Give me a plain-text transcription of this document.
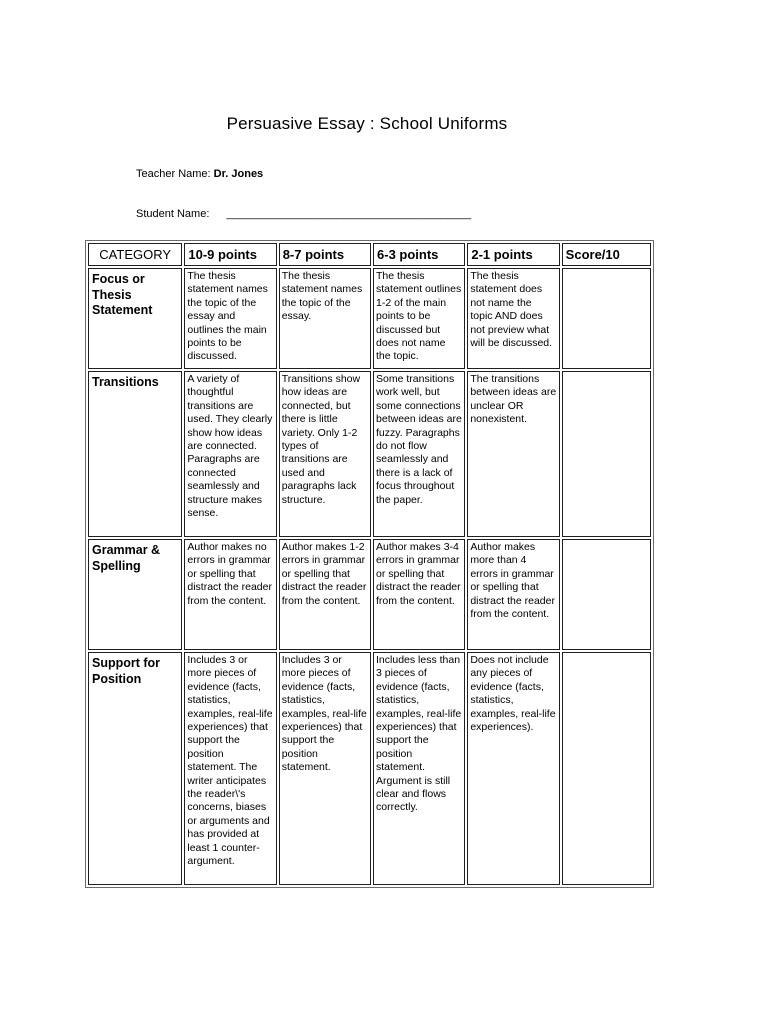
Persuasive Essay : School Uniforms
Teacher Name: Dr. Jones
Student Name: ________________________________________
CATEGORY	10-9 points	8-7 points	6-3 points	2-1 points	Score/10
Focus or Thesis Statement	The thesis statement names the topic of the essay and outlines the main points to be discussed.	The thesis statement names the topic of the essay.	The thesis statement outlines 1-2 of the main points to be discussed but does not name the topic.	The thesis statement does not name the topic AND does not preview what will be discussed.	
Transitions	A variety of thoughtful transitions are used. They clearly show how ideas are connected. Paragraphs are connected seamlessly and structure makes sense.	Transitions show how ideas are connected, but there is little variety. Only 1-2 types of transitions are used and paragraphs lack structure.	Some transitions work well, but some connections between ideas are fuzzy. Paragraphs do not flow seamlessly and there is a lack of focus throughout the paper.	The transitions between ideas are unclear OR nonexistent.	
Grammar & Spelling	Author makes no errors in grammar or spelling that distract the reader from the content.	Author makes 1-2 errors in grammar or spelling that distract the reader from the content.	Author makes 3-4 errors in grammar or spelling that distract the reader from the content.	Author makes more than 4 errors in grammar or spelling that distract the reader from the content.	
Support for Position	Includes 3 or more pieces of evidence (facts, statistics, examples, real-life experiences) that support the position statement. The writer anticipates the reader\'s concerns, biases or arguments and has provided at least 1 counter-argument.	Includes 3 or more pieces of evidence (facts, statistics, examples, real-life experiences) that support the position statement.	Includes less than 3 pieces of evidence (facts, statistics, examples, real-life experiences) that support the position statement. Argument is still clear and flows correctly.	Does not include any pieces of evidence (facts, statistics, examples, real-life experiences).	
